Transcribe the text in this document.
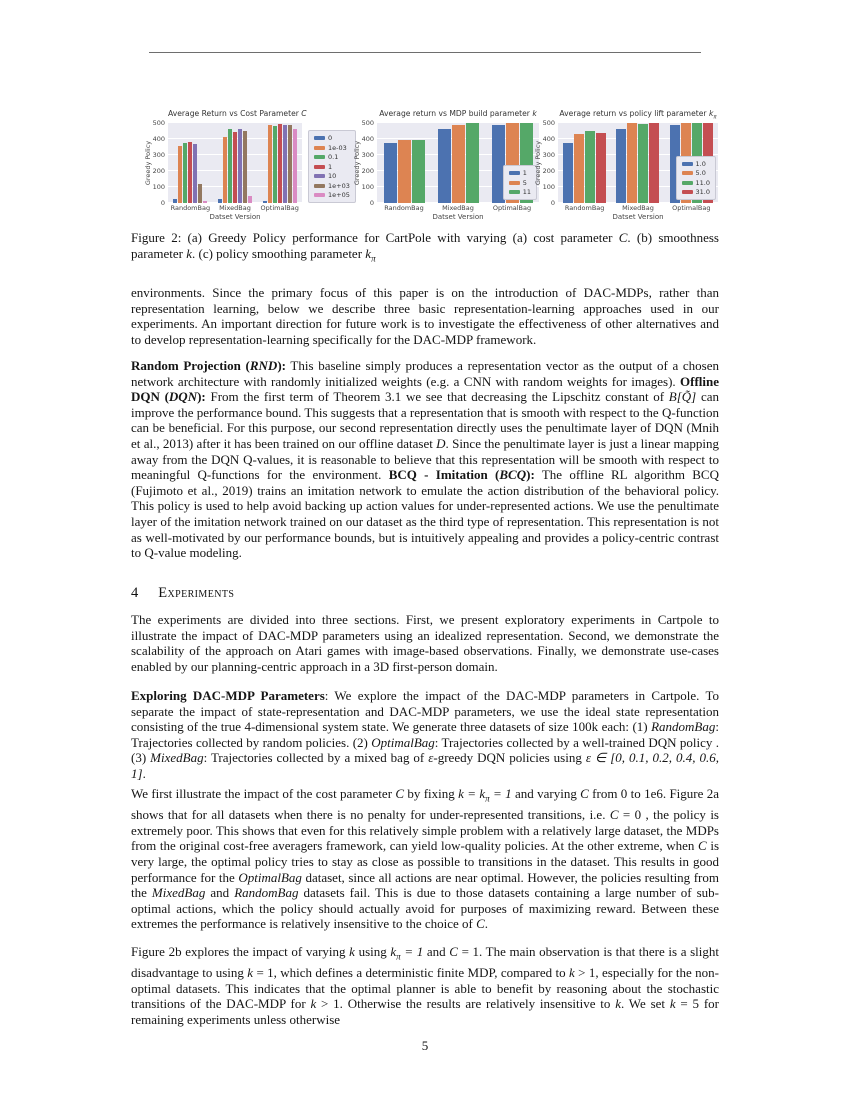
Average Return vs Cost Parameter C
Greedy Policy
0
100
200
300
400
500
RandomBag	MixedBag	OptimalBag
Datset Version
0
1e-03
0.1
1
10
1e+03
1e+05
Average return vs MDP build parameter k
Greedy Policy
0
100
200
300
400
500
1
5
11
RandomBag	MixedBag	OptimalBag
Datset Version
Average return vs policy lift parameter $k_\pi$
Greedy Policy
0
100
200
300
400
500
1.0
5.0
11.0
31.0
RandomBag	MixedBag	OptimalBag
Datset Version
Figure 2: (a) Greedy Policy performance for CartPole with varying (a) cost parameter C. (b) smoothness parameter k. (c) policy smoothing parameter $k_\pi$
environments. Since the primary focus of this paper is on the introduction of DAC-MDPs, rather than representation learning, below we describe three basic representation-learning approaches used in our experiments. An important direction for future work is to investigate the effectiveness of other alternatives and to develop representation-learning specifically for the DAC-MDP framework.
Random Projection (RND): This baseline simply produces a representation vector as the output of a chosen network architecture with randomly initialized weights (e.g. a CNN with random weights for images). Offline DQN (DQN): From the first term of Theorem 3.1 we see that decreasing the Lipschitz constant of B[Q̃] can improve the performance bound. This suggests that a representation that is smooth with respect to the Q-function can be beneficial. For this purpose, our second representation directly uses the penultimate layer of DQN (Mnih et al., 2013) after it has been trained on our offline dataset D. Since the penultimate layer is just a linear mapping away from the DQN Q-values, it is reasonable to believe that this representation will be smooth with respect to meaningful Q-functions for the environment. BCQ - Imitation (BCQ): The offline RL algorithm BCQ (Fujimoto et al., 2019) trains an imitation network to emulate the action distribution of the behavioral policy. This policy is used to help avoid backing up action values for under-represented actions. We use the penultimate layer of the imitation network trained on our dataset as the third type of representation. This representation is not as well-motivated by our performance bounds, but is intuitively appealing and provides a policy-centric contrast to Q-value modeling.
4 Experiments
The experiments are divided into three sections. First, we present exploratory experiments in Cartpole to illustrate the impact of DAC-MDP parameters using an idealized representation. Second, we demonstrate the scalability of the approach on Atari games with image-based observations. Finally, we demonstrate use-cases enabled by our planning-centric approach in a 3D first-person domain.
Exploring DAC-MDP Parameters: We explore the impact of the DAC-MDP parameters in Cartpole. To separate the impact of state-representation and DAC-MDP parameters, we use the ideal state representation consisting of the true 4-dimensional system state. We generate three datasets of size 100k each: (1) RandomBag: Trajectories collected by random policies. (2) OptimalBag: Trajectories collected by a well-trained DQN policy . (3) MixedBag: Trajectories collected by a mixed bag of ε-greedy DQN policies using ε ∈ [0, 0.1, 0.2, 0.4, 0.6, 1].
We first illustrate the impact of the cost parameter C by fixing $k = k_\pi = 1$ and varying C from 0 to 1e6. Figure 2a shows that for all datasets when there is no penalty for under-represented transitions, i.e. C = 0 , the policy is extremely poor. This shows that even for this relatively simple problem with a relatively large dataset, the MDPs from the original cost-free averagers framework, can yield low-quality policies. At the other extreme, when C is very large, the optimal policy tries to stay as close as possible to transitions in the dataset. This results in good performance for the OptimalBag dataset, since all actions are near optimal. However, the policies resulting from the MixedBag and RandomBag datasets fail. This is due to those datasets containing a large number of sub-optimal actions, which the policy should actually avoid for purposes of maximizing reward. Between these extremes the performance is relatively insensitive to the choice of C.
Figure 2b explores the impact of varying k using $k_\pi = 1$ and C = 1. The main observation is that there is a slight disadvantage to using k = 1, which defines a deterministic finite MDP, compared to k > 1, especially for the non-optimal datasets. This indicates that the optimal planner is able to benefit by reasoning about the stochastic transitions of the DAC-MDP for k > 1. Otherwise the results are relatively insensitive to k. We set k = 5 for remaining experiments unless otherwise
5
